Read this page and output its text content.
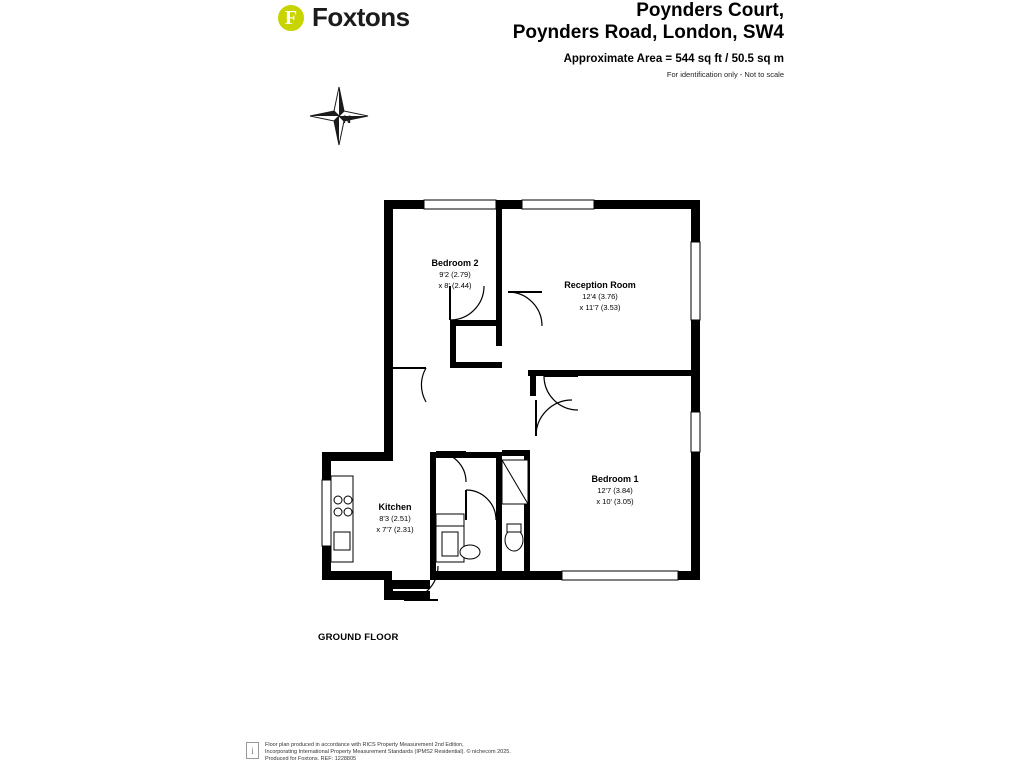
F Foxtons	Poynders Court,
Poynders Road, London, SW4
Approximate Area = 544 sq ft / 50.5 sq m
For identification only - Not to scale
N
Bedroom 2
9'2 (2.79)
x 8' (2.44)	Reception Room
12'4 (3.76)
x 11'7 (3.53)
Bedroom 1
12'7 (3.84)
x 10' (3.05)
Kitchen
8'3 (2.51)
x 7'7 (2.31)
GROUND FLOOR
i
Floor plan produced in accordance with RICS Property Measurement 2nd Edition,
Incorporating International Property Measurement Standards (IPMS2 Residential). © nichecom 2025.
Produced for Foxtons. REF: 1228805
